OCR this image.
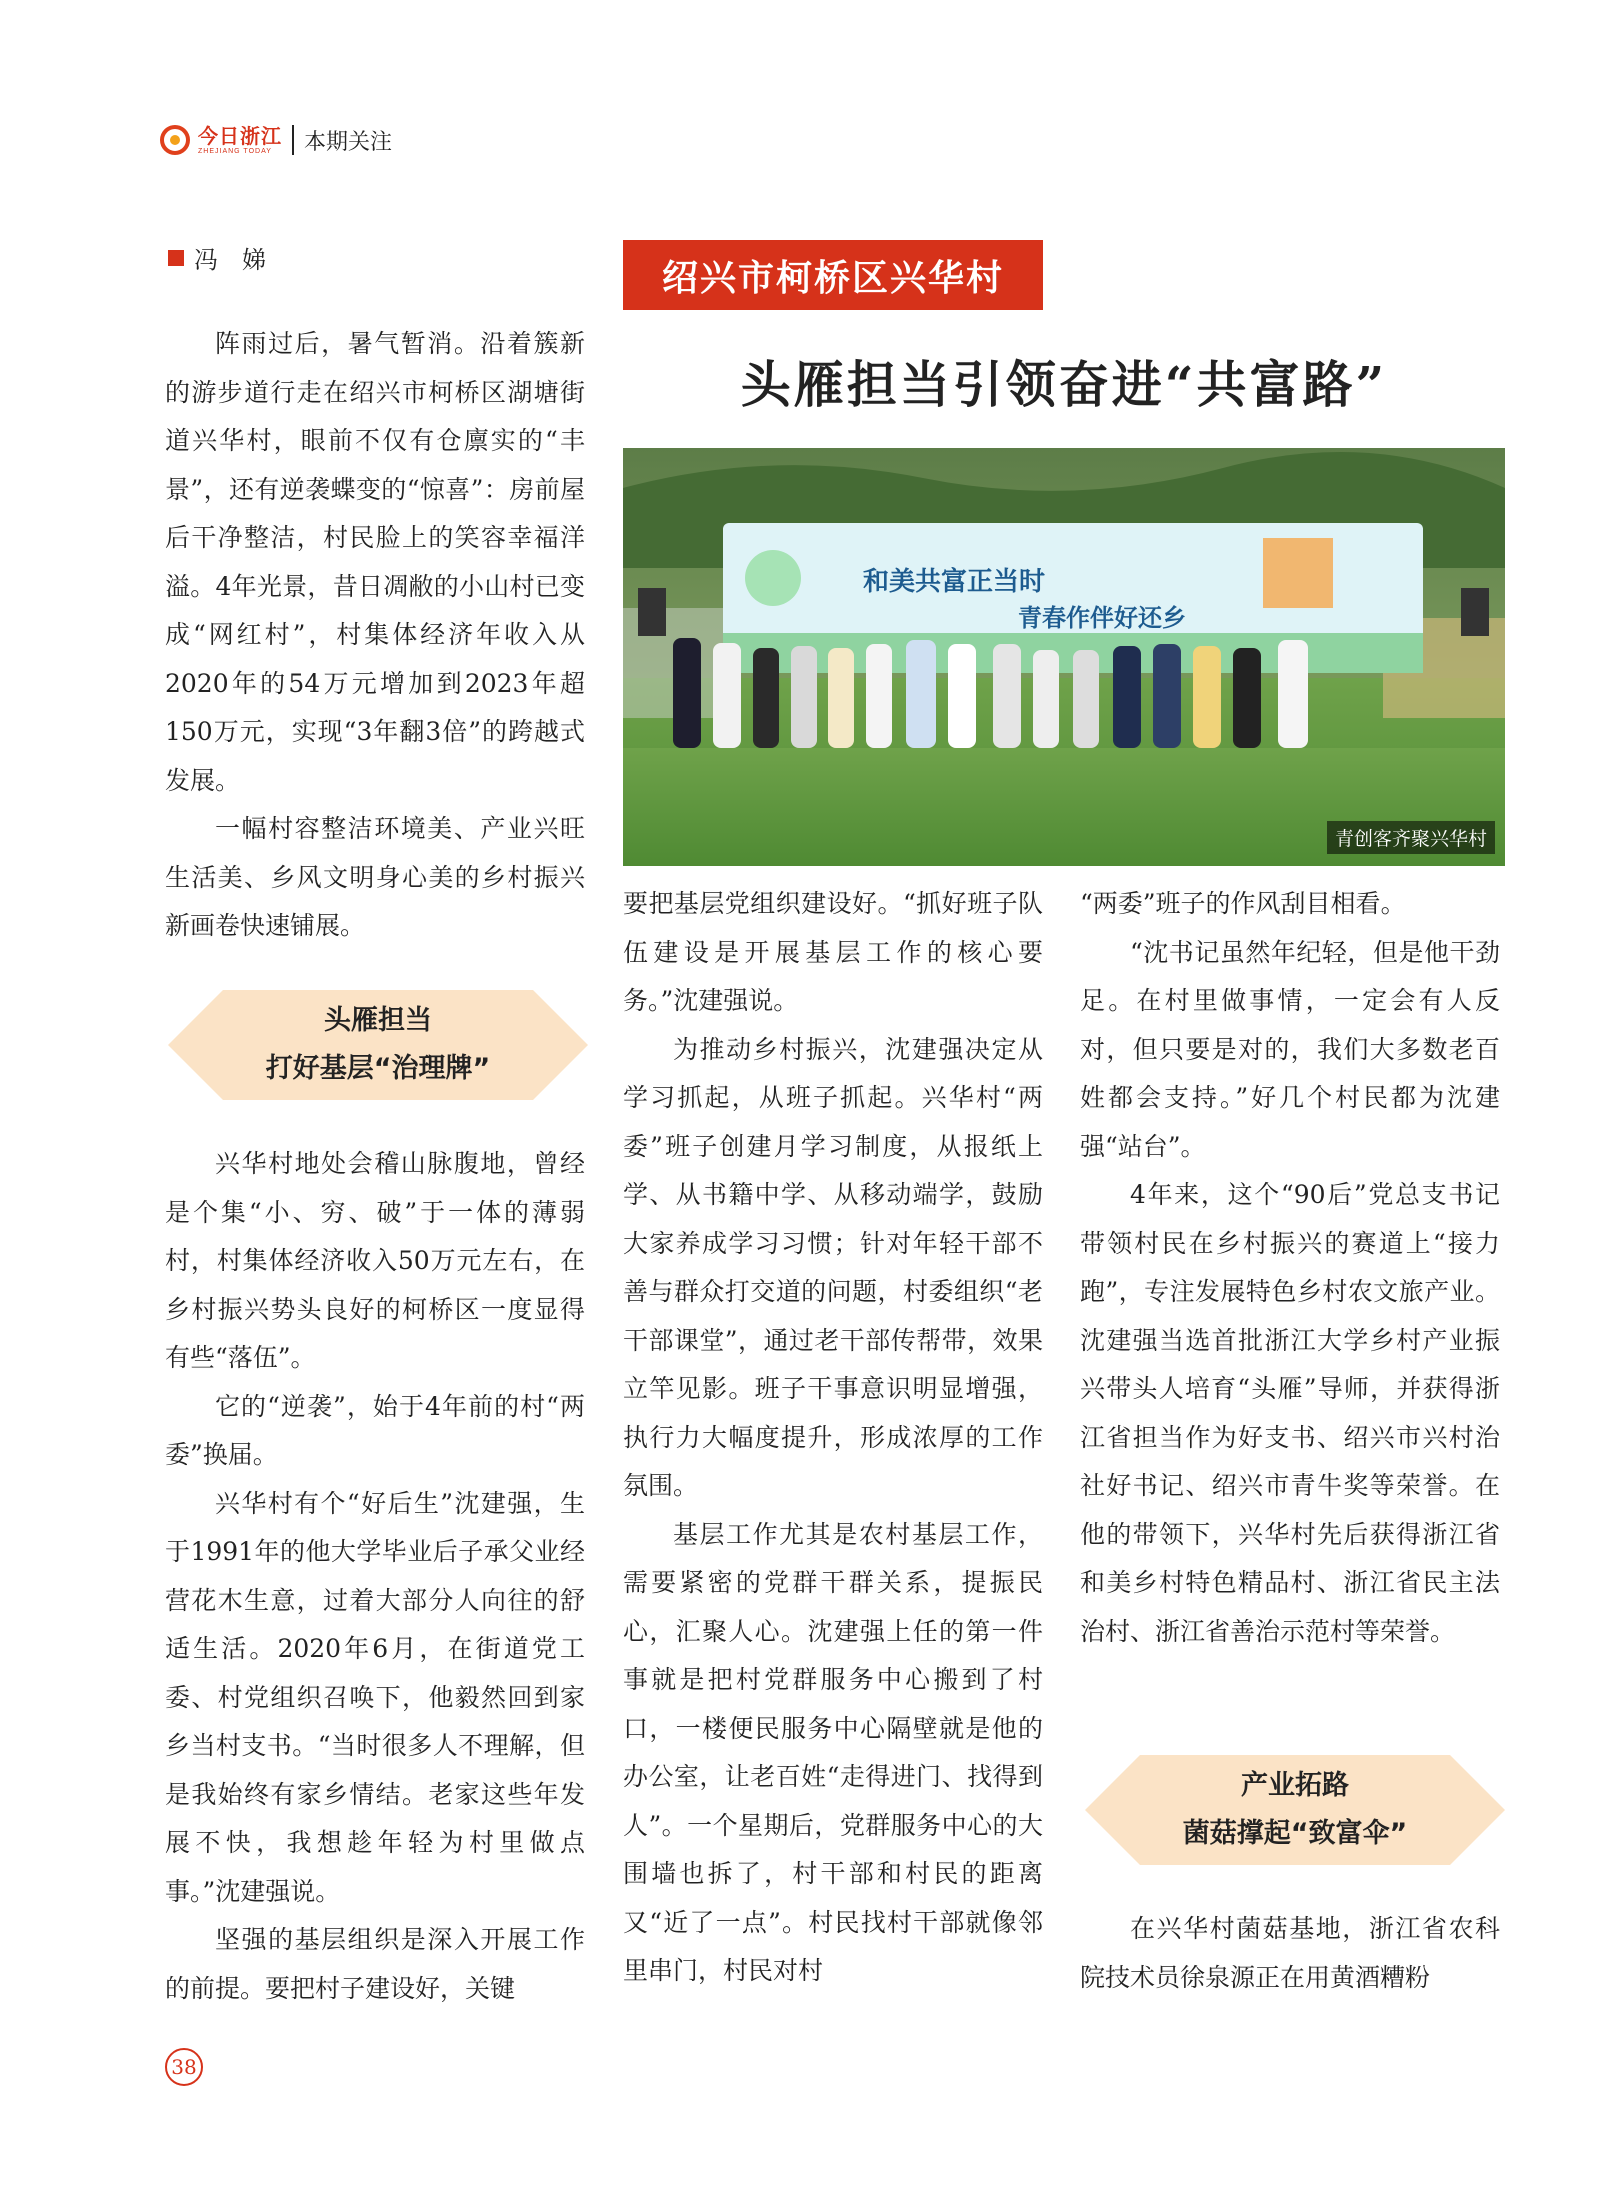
今日浙江
ZHEJIANG TODAY	本期关注
冯　娣

阵雨过后，暑气暂消。沿着簇新的游步道行走在绍兴市柯桥区湖塘街道兴华村，眼前不仅有仓廪实的“丰景”，还有逆袭蝶变的“惊喜”：房前屋后干净整洁，村民脸上的笑容幸福洋溢。4年光景，昔日凋敝的小山村已变成“网红村”，村集体经济年收入从2020年的54万元增加到2023年超150万元，实现“3年翻3倍”的跨越式发展。

一幅村容整洁环境美、产业兴旺生活美、乡风文明身心美的乡村振兴新画卷快速铺展。

头雁担当
打好基层“治理牌”

兴华村地处会稽山脉腹地，曾经是个集“小、穷、破”于一体的薄弱村，村集体经济收入50万元左右，在乡村振兴势头良好的柯桥区一度显得有些“落伍”。

它的“逆袭”，始于4年前的村“两委”换届。

兴华村有个“好后生”沈建强，生于1991年的他大学毕业后子承父业经营花木生意，过着大部分人向往的舒适生活。2020年6月，在街道党工委、村党组织召唤下，他毅然回到家乡当村支书。“当时很多人不理解，但是我始终有家乡情结。老家这些年发展不快，我想趁年轻为村里做点事。”沈建强说。

坚强的基层组织是深入开展工作的前提。要把村子建设好，关键

绍兴市柯桥区兴华村
头雁担当引领奋进“共富路”
和美共富正当时
青春作伴好还乡
青创客齐聚兴华村

要把基层党组织建设好。“抓好班子队伍建设是开展基层工作的核心要务。”沈建强说。

为推动乡村振兴，沈建强决定从学习抓起，从班子抓起。兴华村“两委”班子创建月学习制度，从报纸上学、从书籍中学、从移动端学，鼓励大家养成学习习惯；针对年轻干部不善与群众打交道的问题，村委组织“老干部课堂”，通过老干部传帮带，效果立竿见影。班子干事意识明显增强，执行力大幅度提升，形成浓厚的工作氛围。

基层工作尤其是农村基层工作，需要紧密的党群干群关系，提振民心，汇聚人心。沈建强上任的第一件事就是把村党群服务中心搬到了村口，一楼便民服务中心隔壁就是他的办公室，让老百姓“走得进门、找得到人”。一个星期后，党群服务中心的大围墙也拆了，村干部和村民的距离又“近了一点”。村民找村干部就像邻里串门，村民对村

“两委”班子的作风刮目相看。

“沈书记虽然年纪轻，但是他干劲足。在村里做事情，一定会有人反对，但只要是对的，我们大多数老百姓都会支持。”好几个村民都为沈建强“站台”。

4年来，这个“90后”党总支书记带领村民在乡村振兴的赛道上“接力跑”，专注发展特色乡村农文旅产业。沈建强当选首批浙江大学乡村产业振兴带头人培育“头雁”导师，并获得浙江省担当作为好支书、绍兴市兴村治社好书记、绍兴市青牛奖等荣誉。在他的带领下，兴华村先后获得浙江省和美乡村特色精品村、浙江省民主法治村、浙江省善治示范村等荣誉。

产业拓路
菌菇撑起“致富伞”

在兴华村菌菇基地，浙江省农科院技术员徐泉源正在用黄酒糟粉

38
